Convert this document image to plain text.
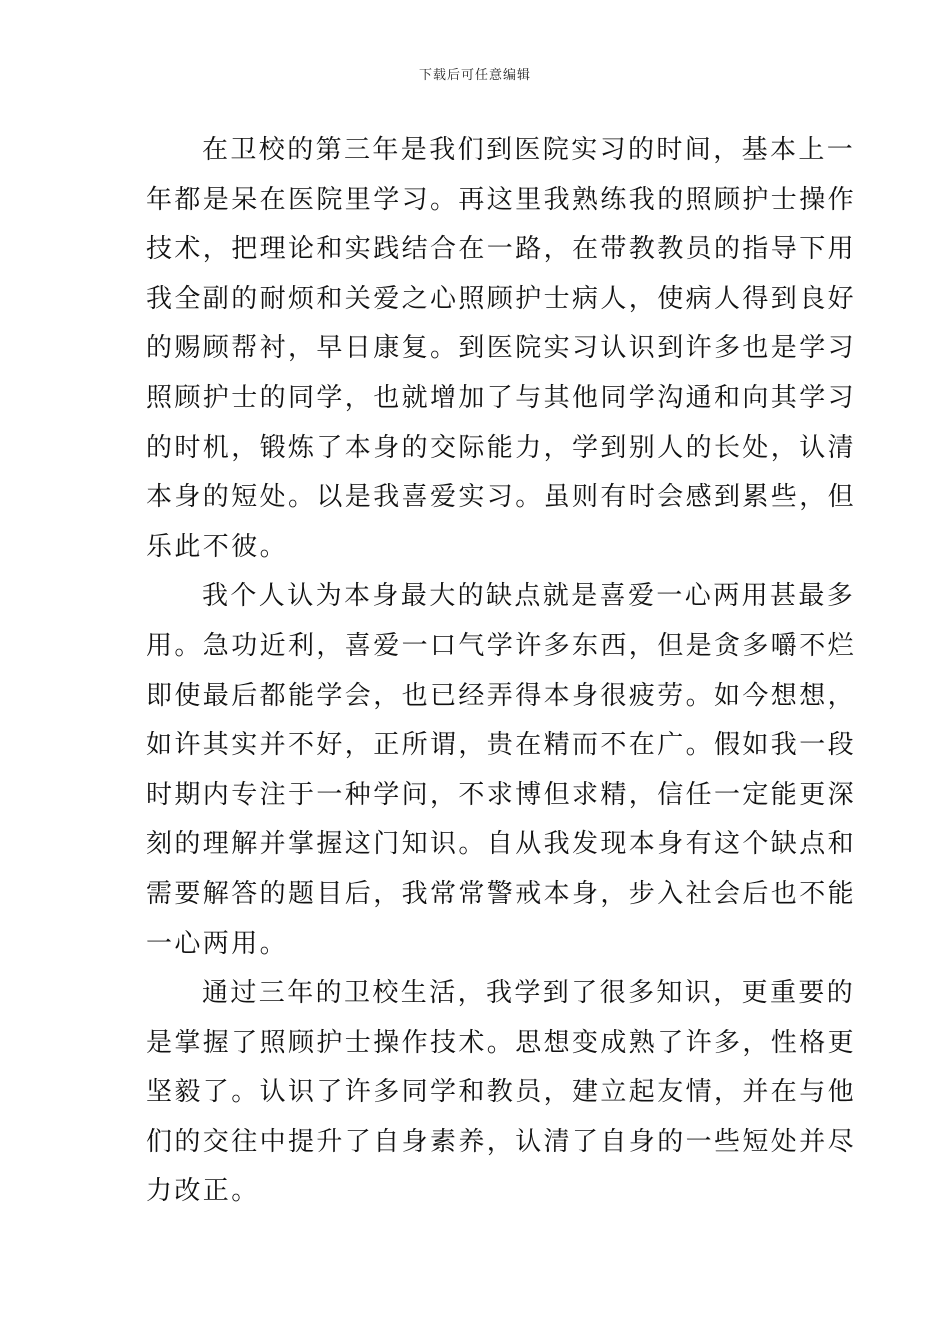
下载后可任意编辑
在卫校的第三年是我们到医院实习的时间，基本上一
年都是呆在医院里学习。再这里我熟练我的照顾护士操作
技术，把理论和实践结合在一路，在带教教员的指导下用
我全副的耐烦和关爱之心照顾护士病人，使病人得到良好
的赐顾帮衬，早日康复。到医院实习认识到许多也是学习
照顾护士的同学，也就增加了与其他同学沟通和向其学习
的时机，锻炼了本身的交际能力，学到别人的长处，认清
本身的短处。以是我喜爱实习。虽则有时会感到累些，但
乐此不彼。
我个人认为本身最大的缺点就是喜爱一心两用甚最多
用。急功近利，喜爱一口气学许多东西，但是贪多嚼不烂
即使最后都能学会，也已经弄得本身很疲劳。如今想想，
如许其实并不好，正所谓，贵在精而不在广。假如我一段
时期内专注于一种学问，不求博但求精，信任一定能更深
刻的理解并掌握这门知识。自从我发现本身有这个缺点和
需要解答的题目后，我常常警戒本身，步入社会后也不能
一心两用。
通过三年的卫校生活，我学到了很多知识，更重要的
是掌握了照顾护士操作技术。思想变成熟了许多，性格更
坚毅了。认识了许多同学和教员，建立起友情，并在与他
们的交往中提升了自身素养，认清了自身的一些短处并尽
力改正。
